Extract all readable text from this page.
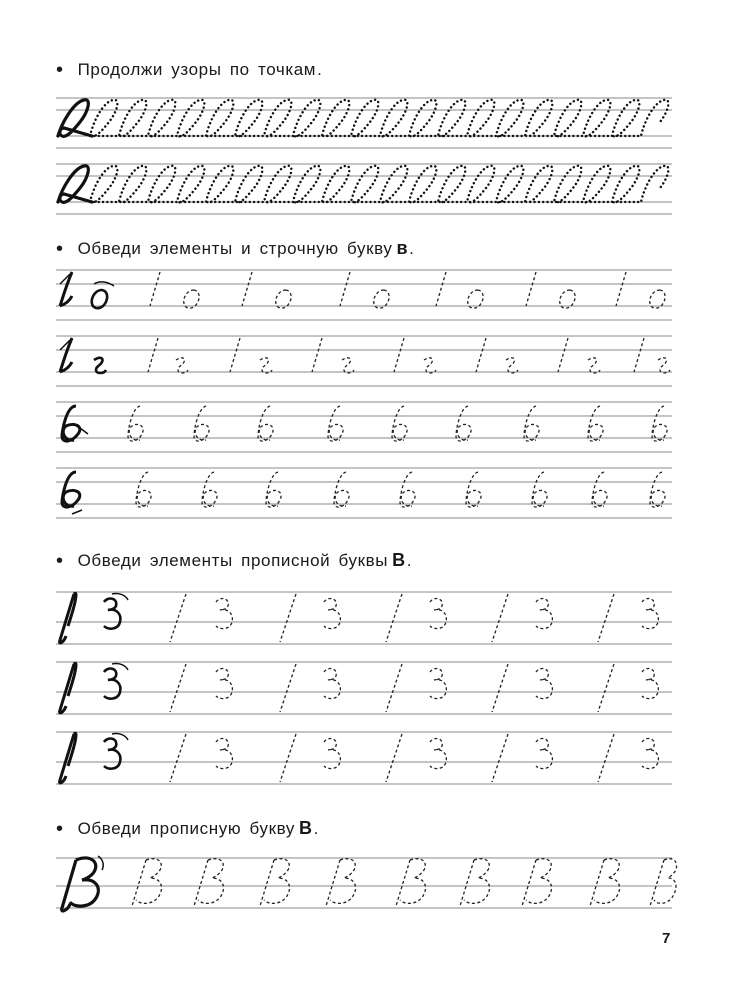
• Продолжи узоры по точкам .
• Обведи элементы и строчную букву в .
• Обведи элементы прописной буквы В .
• Обведи прописную букву В .
7
